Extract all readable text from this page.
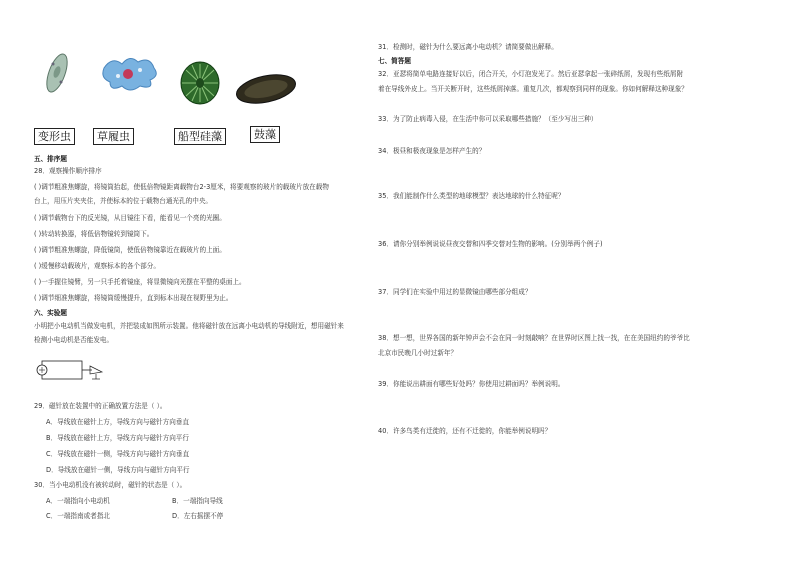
变形虫	草履虫	船型硅藻	鼓藻
五、排序题
28．观察操作顺序排序
( )调节粗准焦螺旋，将镜筒抬起，使低倍物镜距离载物台2-3厘米，将要观察的玻片的载玻片放在载物
台上，用压片夹夹住，并使标本的位于载物台通光孔的中央。
( )调节载物台下的反光镜，从目镜往下看，能看见一个亮的光圈。
( )转动转换器，将低倍物镜转到镜筒下。
( )调节粗准焦螺旋，降低镜筒，使低倍物镜靠近在载玻片的上面。
( )缓慢移动载玻片，观察标本的各个部分。
( )一手握住镜臂，另一只手托着镜座，将显微镜向光摆在平整的桌面上。
( )调节细准焦螺旋，将镜筒缓慢提升，直到标本出现在视野里为止。
六、实验题
小明把小电动机当做发电机，并把装成如图所示装置。他将磁针放在远离小电动机的导线附近，想用磁针来
检测小电动机是否能发电。
29．磁针放在装置中的正确放置方法是（ ）。
A．导线放在磁针上方，导线方向与磁针方向垂直
B．导线放在磁针上方，导线方向与磁针方向平行
C．导线放在磁针一侧，导线方向与磁针方向垂直
D．导线放在磁针一侧，导线方向与磁针方向平行
30．当小电动机没有被转动时，磁针的状态是（ ）。
A．一端指向小电动机	B．一端指向导线
C．一端指南或者指北	D．左右摇摆不停
31．检测时，磁针为什么要远离小电动机？请简要做出解释。
七、简答题
32．亚瑟将简单电路连接好以后，闭合开关，小灯泡发光了。然后亚瑟拿起一张碎纸屑，发现有些纸屑附
着在导线外皮上。当开关断开时，这些纸屑掉落。重复几次，都观察到同样的现象。你如何解释这种现象？
33．为了防止病毒入侵，在生活中你可以采取哪些措施？（至少写出三种）
34．极昼和极夜现象是怎样产生的？
35．我们能制作什么类型的地球模型？表达地球的什么特征呢？
36．请你分别举例说说昼夜交替和四季交替对生物的影响。(分别举两个例子)
37．同学们在实验中用过的显微镜由哪些部分组成？
38．想一想，世界各国的新年钟声会不会在同一时刻敲响？在世界时区图上找一找，在在美国纽约的爷爷比
北京市民晚几小时过新年？
39．你能说出耕面有哪些好处吗？你使用过耕面吗？举例说明。
40．许多鸟类有迁徙的，还有不迁徙的，你能举例说明吗？
